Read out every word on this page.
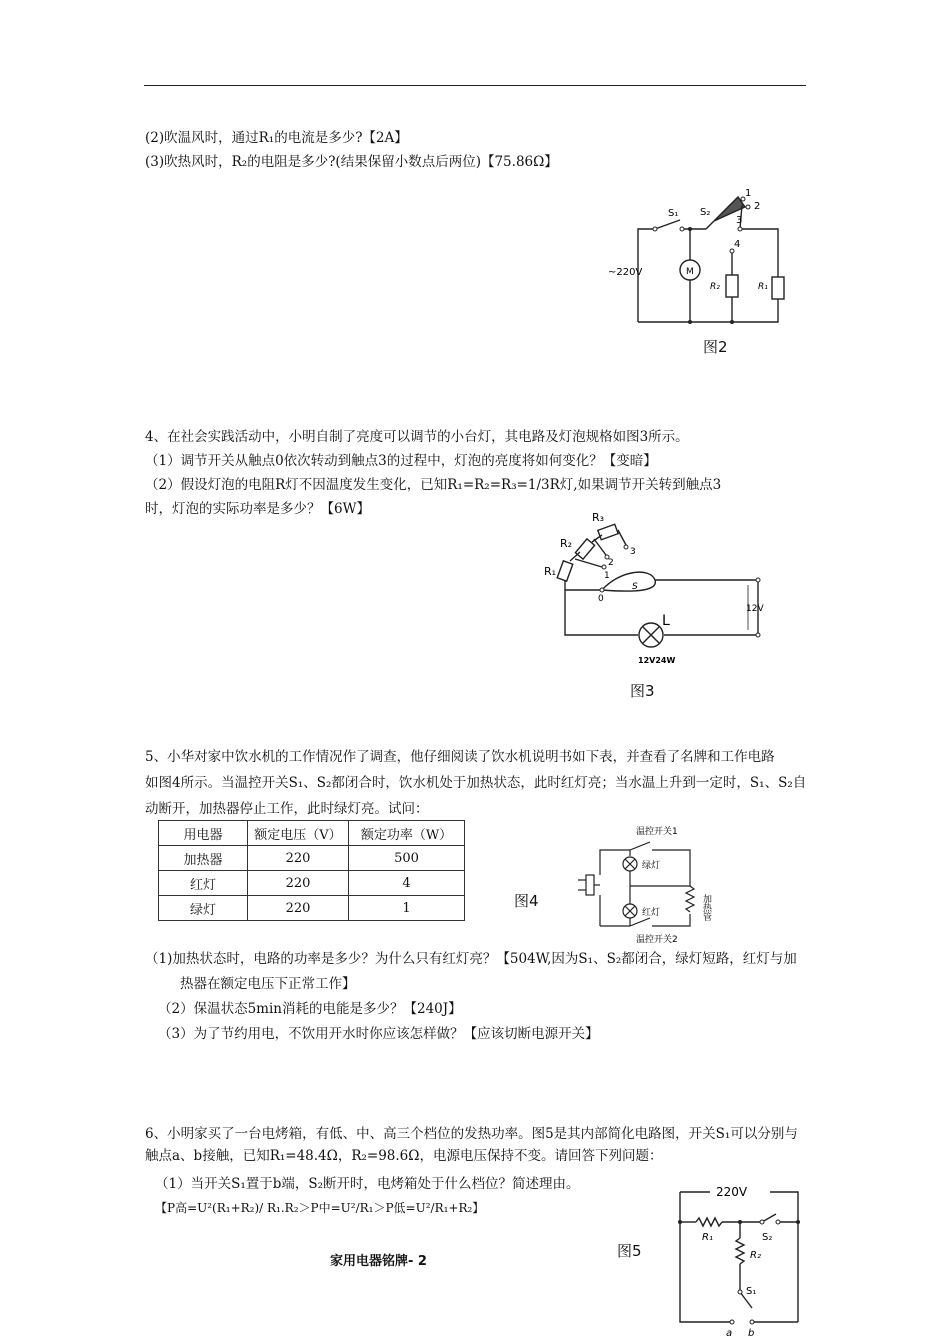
(2)吹温风时，通过R₁的电流是多少?【2A】
(3)吹热风时，R₂的电阻是多少?(结果保留小数点后两位)【75.86Ω】
S₁ S₂
1
2
3
4
~220V	M
R₂	R₁
图2
4、在社会实践活动中，小明自制了亮度可以调节的小台灯，其电路及灯泡规格如图3所示。
（1）调节开关从触点0依次转动到触点3的过程中，灯泡的亮度将如何变化？【变暗】
（2）假设灯泡的电阻R灯不因温度发生变化，已知R₁=R₂=R₃=1/3R灯,如果调节开关转到触点3
时，灯泡的实际功率是多少？【6W】
R₃
R₂
R₁
3
2
1
0
S
L
12V
12V24W
图3
5、小华对家中饮水机的工作情况作了调查，他仔细阅读了饮水机说明书如下表，并查看了名牌和工作电路
如图4所示。当温控开关S₁、S₂都闭合时，饮水机处于加热状态，此时红灯亮；当水温上升到一定时，S₁、S₂自
动断开，加热器停止工作，此时绿灯亮。试问：
用电器	额定电压（V）	额定功率（W）
加热器	220	500
红灯	220	4
绿灯	220	1	图4
温控开关1
绿灯
红灯
温控开关2
加热管
（1)加热状态时，电路的功率是多少？为什么只有红灯亮？【504W,因为S₁、S₂都闭合，绿灯短路，红灯与加
热器在额定电压下正常工作】
（2）保温状态5min消耗的电能是多少？【240J】
（3）为了节约用电，不饮用开水时你应该怎样做？【应该切断电源开关】
6、小明家买了一台电烤箱，有低、中、高三个档位的发热功率。图5是其内部简化电路图，开关S₁可以分别与
触点a、b接触，已知R₁=48.4Ω，R₂=98.6Ω，电源电压保持不变。请回答下列问题：
（1）当开关S₁置于b端，S₂断开时，电烤箱处于什么档位？简述理由。
【P高=U²(R₁+R₂)/ R₁.R₂＞P中=U²/R₁＞P低=U²/R₁+R₂】
图5
220V
R₁
R₂
S₂
S₁
a b
家用电器铭牌- 2
